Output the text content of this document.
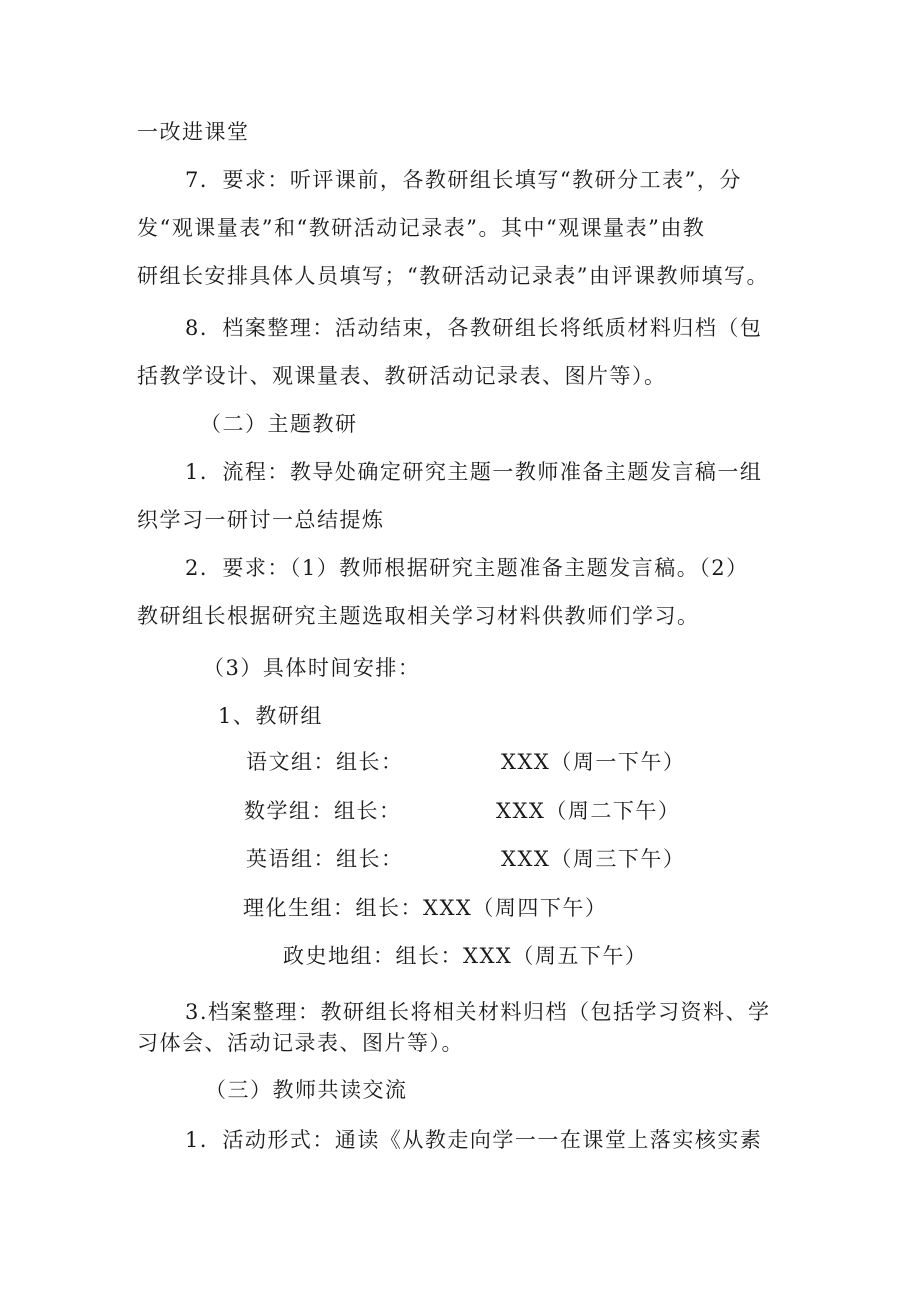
一改进课堂
7．要求：听评课前，各教研组长填写“教研分工表”，分
发“观课量表”和“教研活动记录表”。其中“观课量表”由教
研组长安排具体人员填写；“教研活动记录表”由评课教师填写。
8．档案整理：活动结束，各教研组长将纸质材料归档（包
括教学设计、观课量表、教研活动记录表、图片等）。
（二）主题教研
1．流程：教导处确定研究主题一教师准备主题发言稿一组
织学习一研讨一总结提炼
2．要求：（1）教师根据研究主题准备主题发言稿。（2）
教研组长根据研究主题选取相关学习材料供教师们学习。
（3）具体时间安排：
1、教研组
语文组：组长：	XXX（周一下午）
数学组：组长：	XXX（周二下午）
英语组：组长：	XXX（周三下午）
理化生组：组长：XXX（周四下午）
政史地组：组长：XXX（周五下午）
3.档案整理：教研组长将相关材料归档（包括学习资料、学
习体会、活动记录表、图片等）。
（三）教师共读交流
1．活动形式：通读《从教走向学一一在课堂上落实核实素
